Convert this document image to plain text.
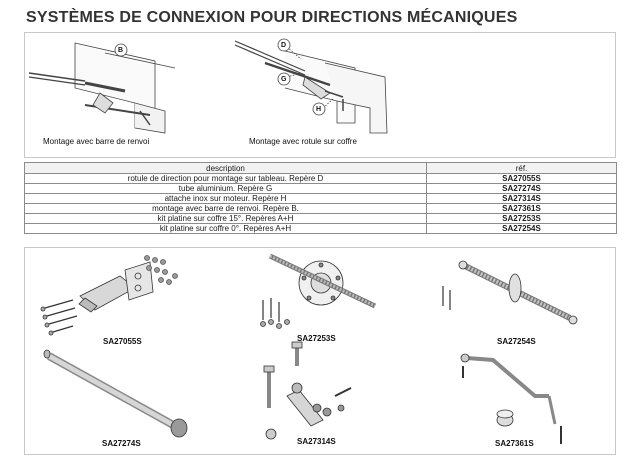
SYSTÈMES DE CONNEXION POUR DIRECTIONS MÉCANIQUES
B
D
G
H
Montage avec barre de renvoi	Montage avec rotule sur coffre
description	réf.
rotule de direction pour montage sur tableau. Repère D	SA27055S
tube aluminium. Repère G	SA27274S
attache inox sur moteur. Repère H	SA27314S
montage avec barre de renvoi. Repère B.	SA27361S
kit platine sur coffre 15°. Repères A+H	SA27253S
kit platine sur coffre 0°. Repères A+H	SA27254S
SA27055S	SA27253S	SA27254S
SA27274S	SA27314S	SA27361S
